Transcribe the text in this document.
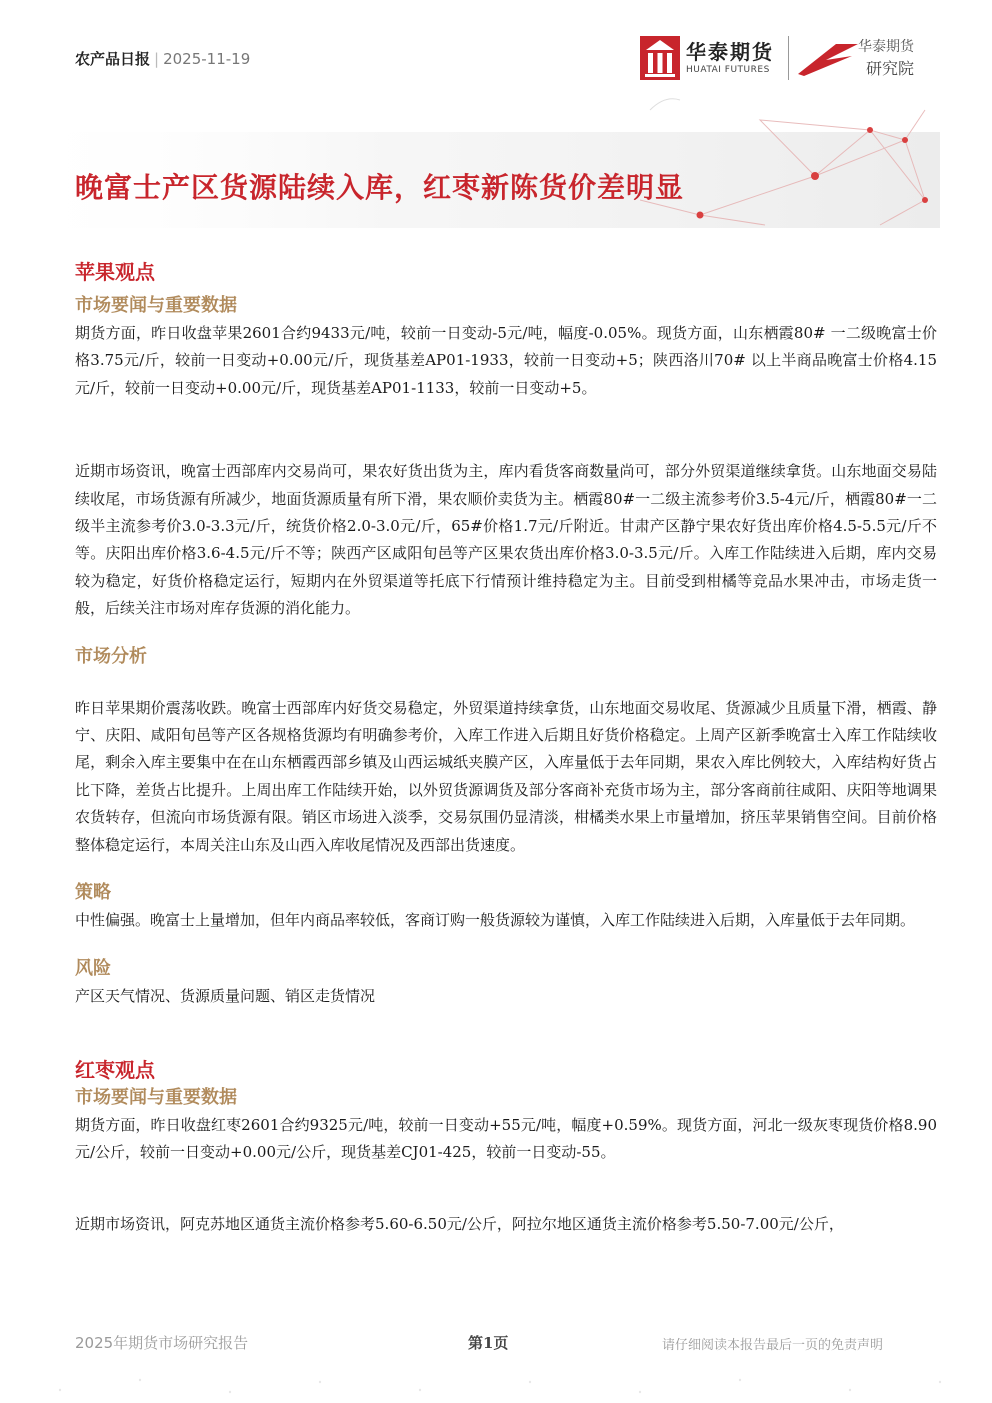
农产品日报 | 2025-11-19	华泰期货
HUATAI FUTURES
华泰期货
研究院
晚富士产区货源陆续入库，红枣新陈货价差明显
苹果观点
市场要闻与重要数据
期货方面，昨日收盘苹果2601合约9433元/吨，较前一日变动-5元/吨，幅度-0.05%。现货方面，山东栖霞80# 一二级晚富士价格3.75元/斤，较前一日变动+0.00元/斤，现货基差AP01-1933，较前一日变动+5；陕西洛川70# 以上半商品晚富士价格4.15元/斤，较前一日变动+0.00元/斤，现货基差AP01-1133，较前一日变动+5。
近期市场资讯，晚富士西部库内交易尚可，果农好货出货为主，库内看货客商数量尚可，部分外贸渠道继续拿货。山东地面交易陆续收尾，市场货源有所减少，地面货源质量有所下滑，果农顺价卖货为主。栖霞80#一二级主流参考价3.5-4元/斤，栖霞80#一二级半主流参考价3.0-3.3元/斤，统货价格2.0-3.0元/斤，65#价格1.7元/斤附近。甘肃产区静宁果农好货出库价格4.5-5.5元/斤不等。庆阳出库价格3.6-4.5元/斤不等；陕西产区咸阳旬邑等产区果农货出库价格3.0-3.5元/斤。入库工作陆续进入后期，库内交易较为稳定，好货价格稳定运行，短期内在外贸渠道等托底下行情预计维持稳定为主。目前受到柑橘等竞品水果冲击，市场走货一般，后续关注市场对库存货源的消化能力。
市场分析
昨日苹果期价震荡收跌。晚富士西部库内好货交易稳定，外贸渠道持续拿货，山东地面交易收尾、货源减少且质量下滑，栖霞、静宁、庆阳、咸阳旬邑等产区各规格货源均有明确参考价，入库工作进入后期且好货价格稳定。上周产区新季晚富士入库工作陆续收尾，剩余入库主要集中在在山东栖霞西部乡镇及山西运城纸夹膜产区，入库量低于去年同期，果农入库比例较大，入库结构好货占比下降，差货占比提升。上周出库工作陆续开始，以外贸货源调货及部分客商补充货市场为主，部分客商前往咸阳、庆阳等地调果农货转存，但流向市场货源有限。销区市场进入淡季，交易氛围仍显清淡，柑橘类水果上市量增加，挤压苹果销售空间。目前价格整体稳定运行，本周关注山东及山西入库收尾情况及西部出货速度。
策略
中性偏强。晚富士上量增加，但年内商品率较低，客商订购一般货源较为谨慎，入库工作陆续进入后期，入库量低于去年同期。
风险
产区天气情况、货源质量问题、销区走货情况
红枣观点
市场要闻与重要数据
期货方面，昨日收盘红枣2601合约9325元/吨，较前一日变动+55元/吨，幅度+0.59%。现货方面，河北一级灰枣现货价格8.90元/公斤，较前一日变动+0.00元/公斤，现货基差CJ01-425，较前一日变动-55。
近期市场资讯，阿克苏地区通货主流价格参考5.60-6.50元/公斤，阿拉尔地区通货主流价格参考5.50-7.00元/公斤，
2025年期货市场研究报告	第1页	请仔细阅读本报告最后一页的免责声明
